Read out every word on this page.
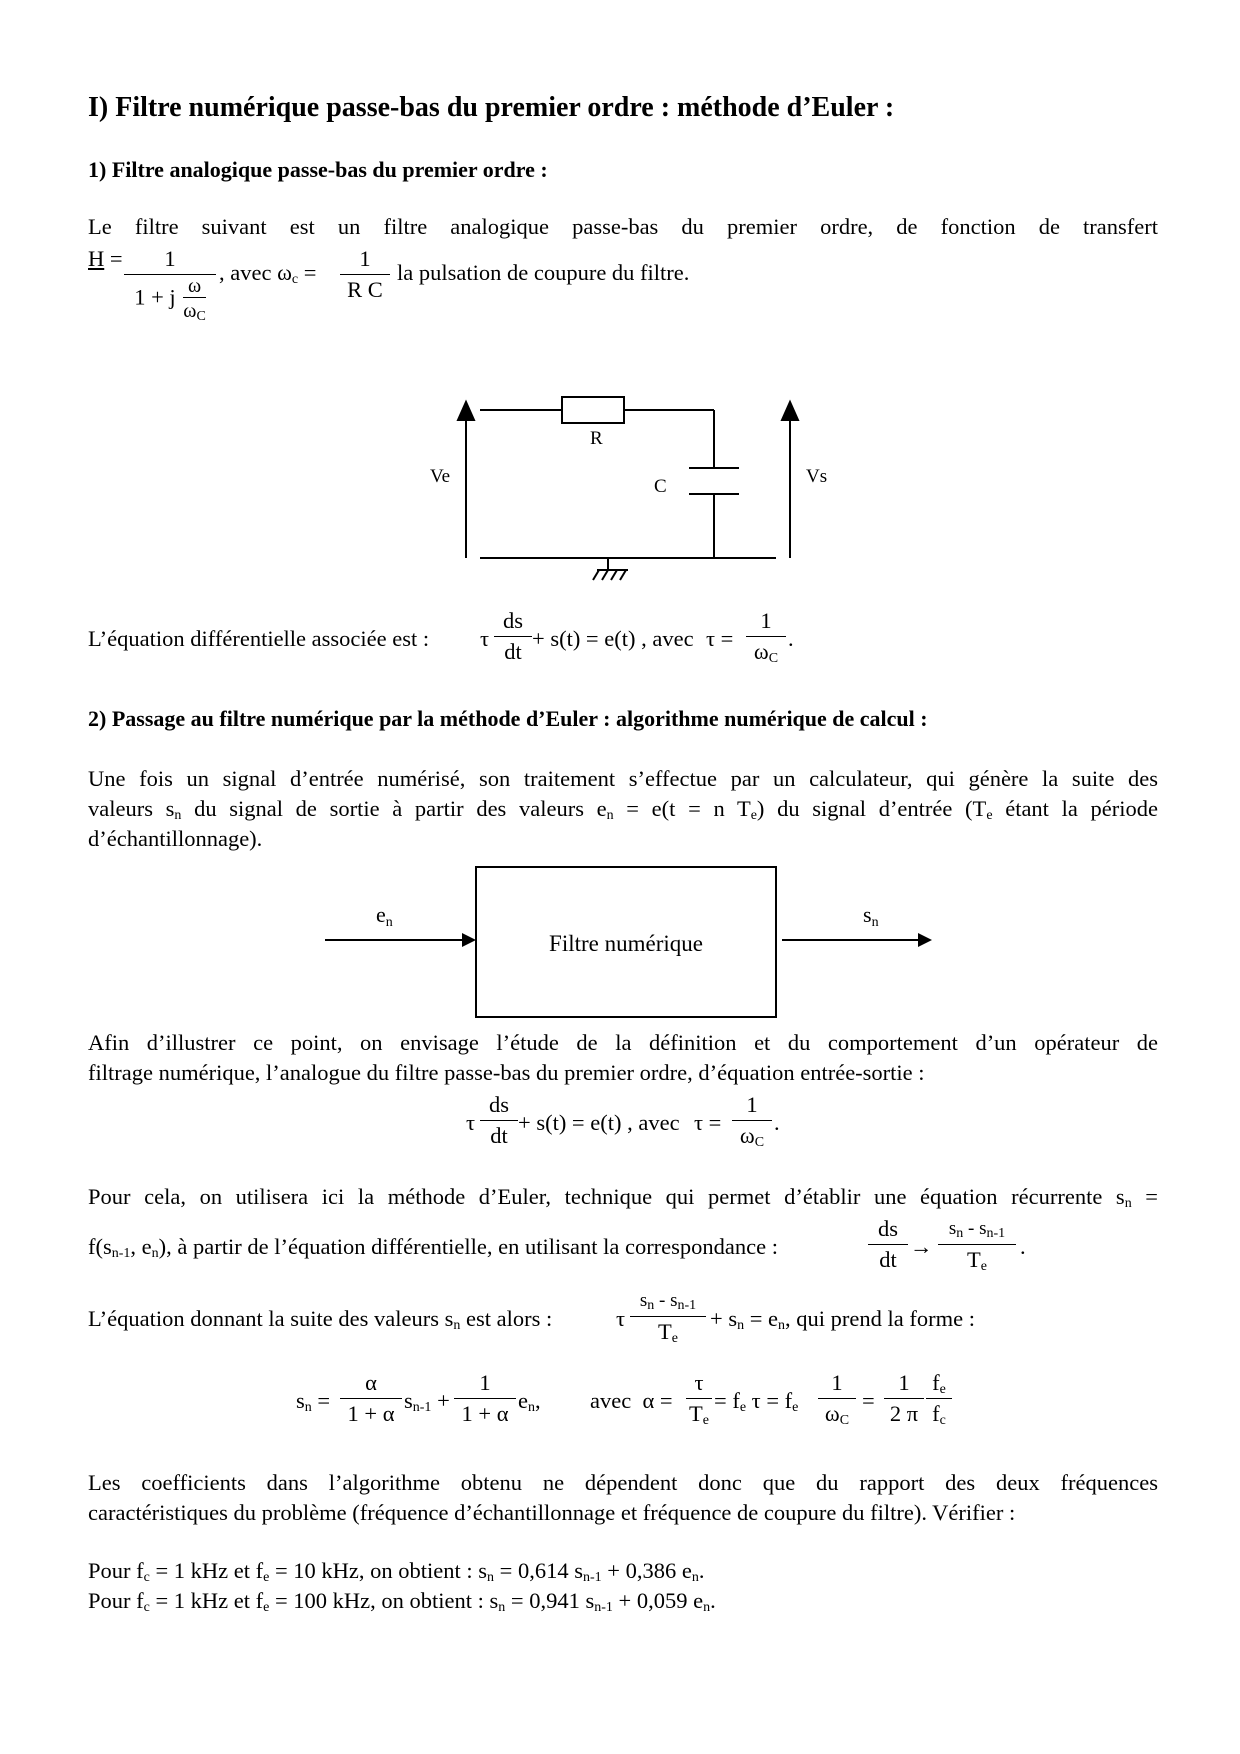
I) Filtre numérique passe-bas du premier ordre : méthode d’Euler :
1) Filtre analogique passe-bas du premier ordre :
Le filtre suivant est un filtre analogique passe-bas du premier ordre, de fonction de transfert
H =	1
1 + j $\frac{\omega}{\omega_C}$
, avec $\omega_c$ =
1
R C
la pulsation de coupure du filtre.
R
C
Ve	Vs
L’équation différentielle associée est : τ
ds
dt
+ s(t) = e(t) , avec τ =
1
$\omega_C$
.
2) Passage au filtre numérique par la méthode d’Euler : algorithme numérique de calcul :
Une fois un signal d’entrée numérisé, son traitement s’effectue par un calculateur, qui génère la suite des
valeurs $s_n$ du signal de sortie à partir des valeurs $e_n = e(t = n$ $T_e$) du signal d’entrée ($T_e$ étant la période
d’échantillonnage).
en	sn
Filtre numérique
Afin d’illustrer ce point, on envisage l’étude de la définition et du comportement d’un opérateur de
filtrage numérique, l’analogue du filtre passe-bas du premier ordre, d’équation entrée-sortie :
τ
ds
dt
+ s(t) = e(t) , avec τ =
1
$\omega_C$
.
Pour cela, on utilisera ici la méthode d’Euler, technique qui permet d’établir une équation récurrente $s_n$ =
$f(s_{n-1}$, $e_n$), à partir de l’équation différentielle, en utilisant la correspondance :
ds
dt
→
$s_n - s_{n-1}$
$T_e$
.
L’équation donnant la suite des valeurs $s_n$ est alors :	τ
$s_n - s_{n-1}$
$T_e$
+ $s_n = e_n$, qui prend la forme :
$s_n$ =
α
1 + α
$s_{n-1}$ +
1
1 + α
$e_n$, avec α =
τ
$T_e$
= $f_e$ $\tau = f_e$
1
$\omega_C$
=
1
2 π
$f_e$
$f_c$
Les coefficients dans l’algorithme obtenu ne dépendent donc que du rapport des deux fréquences
caractéristiques du problème (fréquence d’échantillonnage et fréquence de coupure du filtre). Vérifier :
Pour $f_c = 1$ kHz et $f_e = 10$ kHz, on obtient : $s_n = 0,614$ $s_{n-1} + 0,386$ $e_n$.
Pour $f_c = 1$ kHz et $f_e = 100$ kHz, on obtient : $s_n = 0,941$ $s_{n-1} + 0,059$ $e_n$.
